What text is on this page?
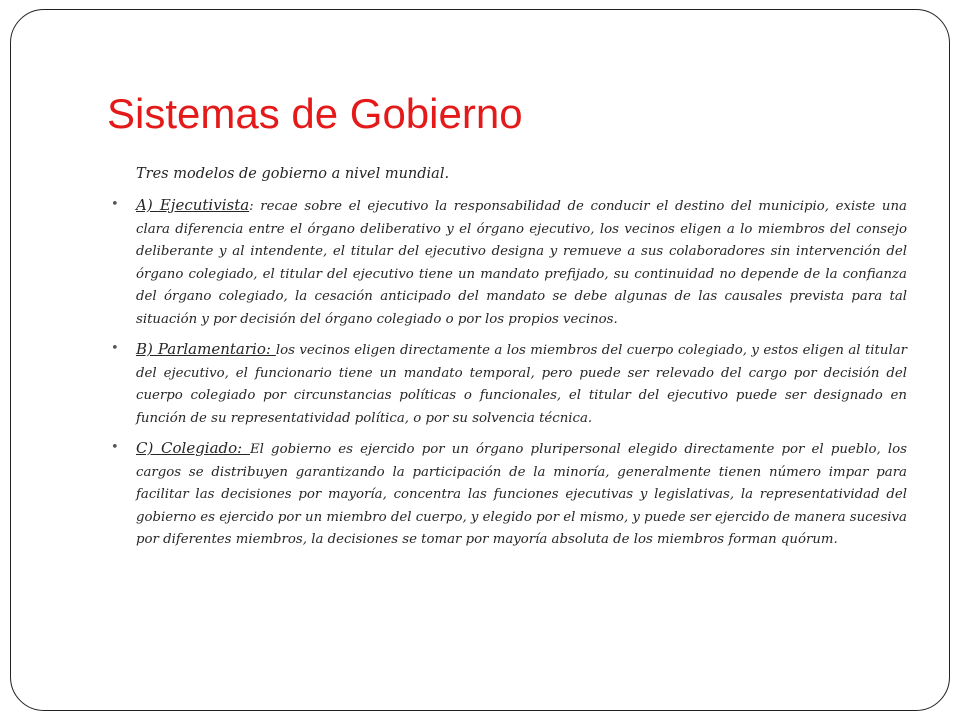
Sistemas de Gobierno

Tres modelos de gobierno a nivel mundial.

• A) Ejecutivista: recae sobre el ejecutivo la responsabilidad de conducir el destino del municipio, existe una clara diferencia entre el órgano deliberativo y el órgano ejecutivo, los vecinos eligen a lo miembros del consejo deliberante y al intendente, el titular del ejecutivo designa y remueve a sus colaboradores sin intervención del órgano colegiado, el titular del ejecutivo tiene un mandato prefijado, su continuidad no depende de la confianza del órgano colegiado, la cesación anticipado del mandato se debe algunas de las causales prevista para tal situación y por decisión del órgano colegiado o por los propios vecinos.
• B) Parlamentario: los vecinos eligen directamente a los miembros del cuerpo colegiado, y estos eligen al titular del ejecutivo, el funcionario tiene un mandato temporal, pero puede ser relevado del cargo por decisión del cuerpo colegiado por circunstancias políticas o funcionales, el titular del ejecutivo puede ser designado en función de su representatividad política, o por su solvencia técnica.
• C) Colegiado: El gobierno es ejercido por un órgano pluripersonal elegido directamente por el pueblo, los cargos se distribuyen garantizando la participación de la minoría, generalmente tienen número impar para facilitar las decisiones por mayoría, concentra las funciones ejecutivas y legislativas, la representatividad del gobierno es ejercido por un miembro del cuerpo, y elegido por el mismo, y puede ser ejercido de manera sucesiva por diferentes miembros, la decisiones se tomar por mayoría absoluta de los miembros forman quórum.
